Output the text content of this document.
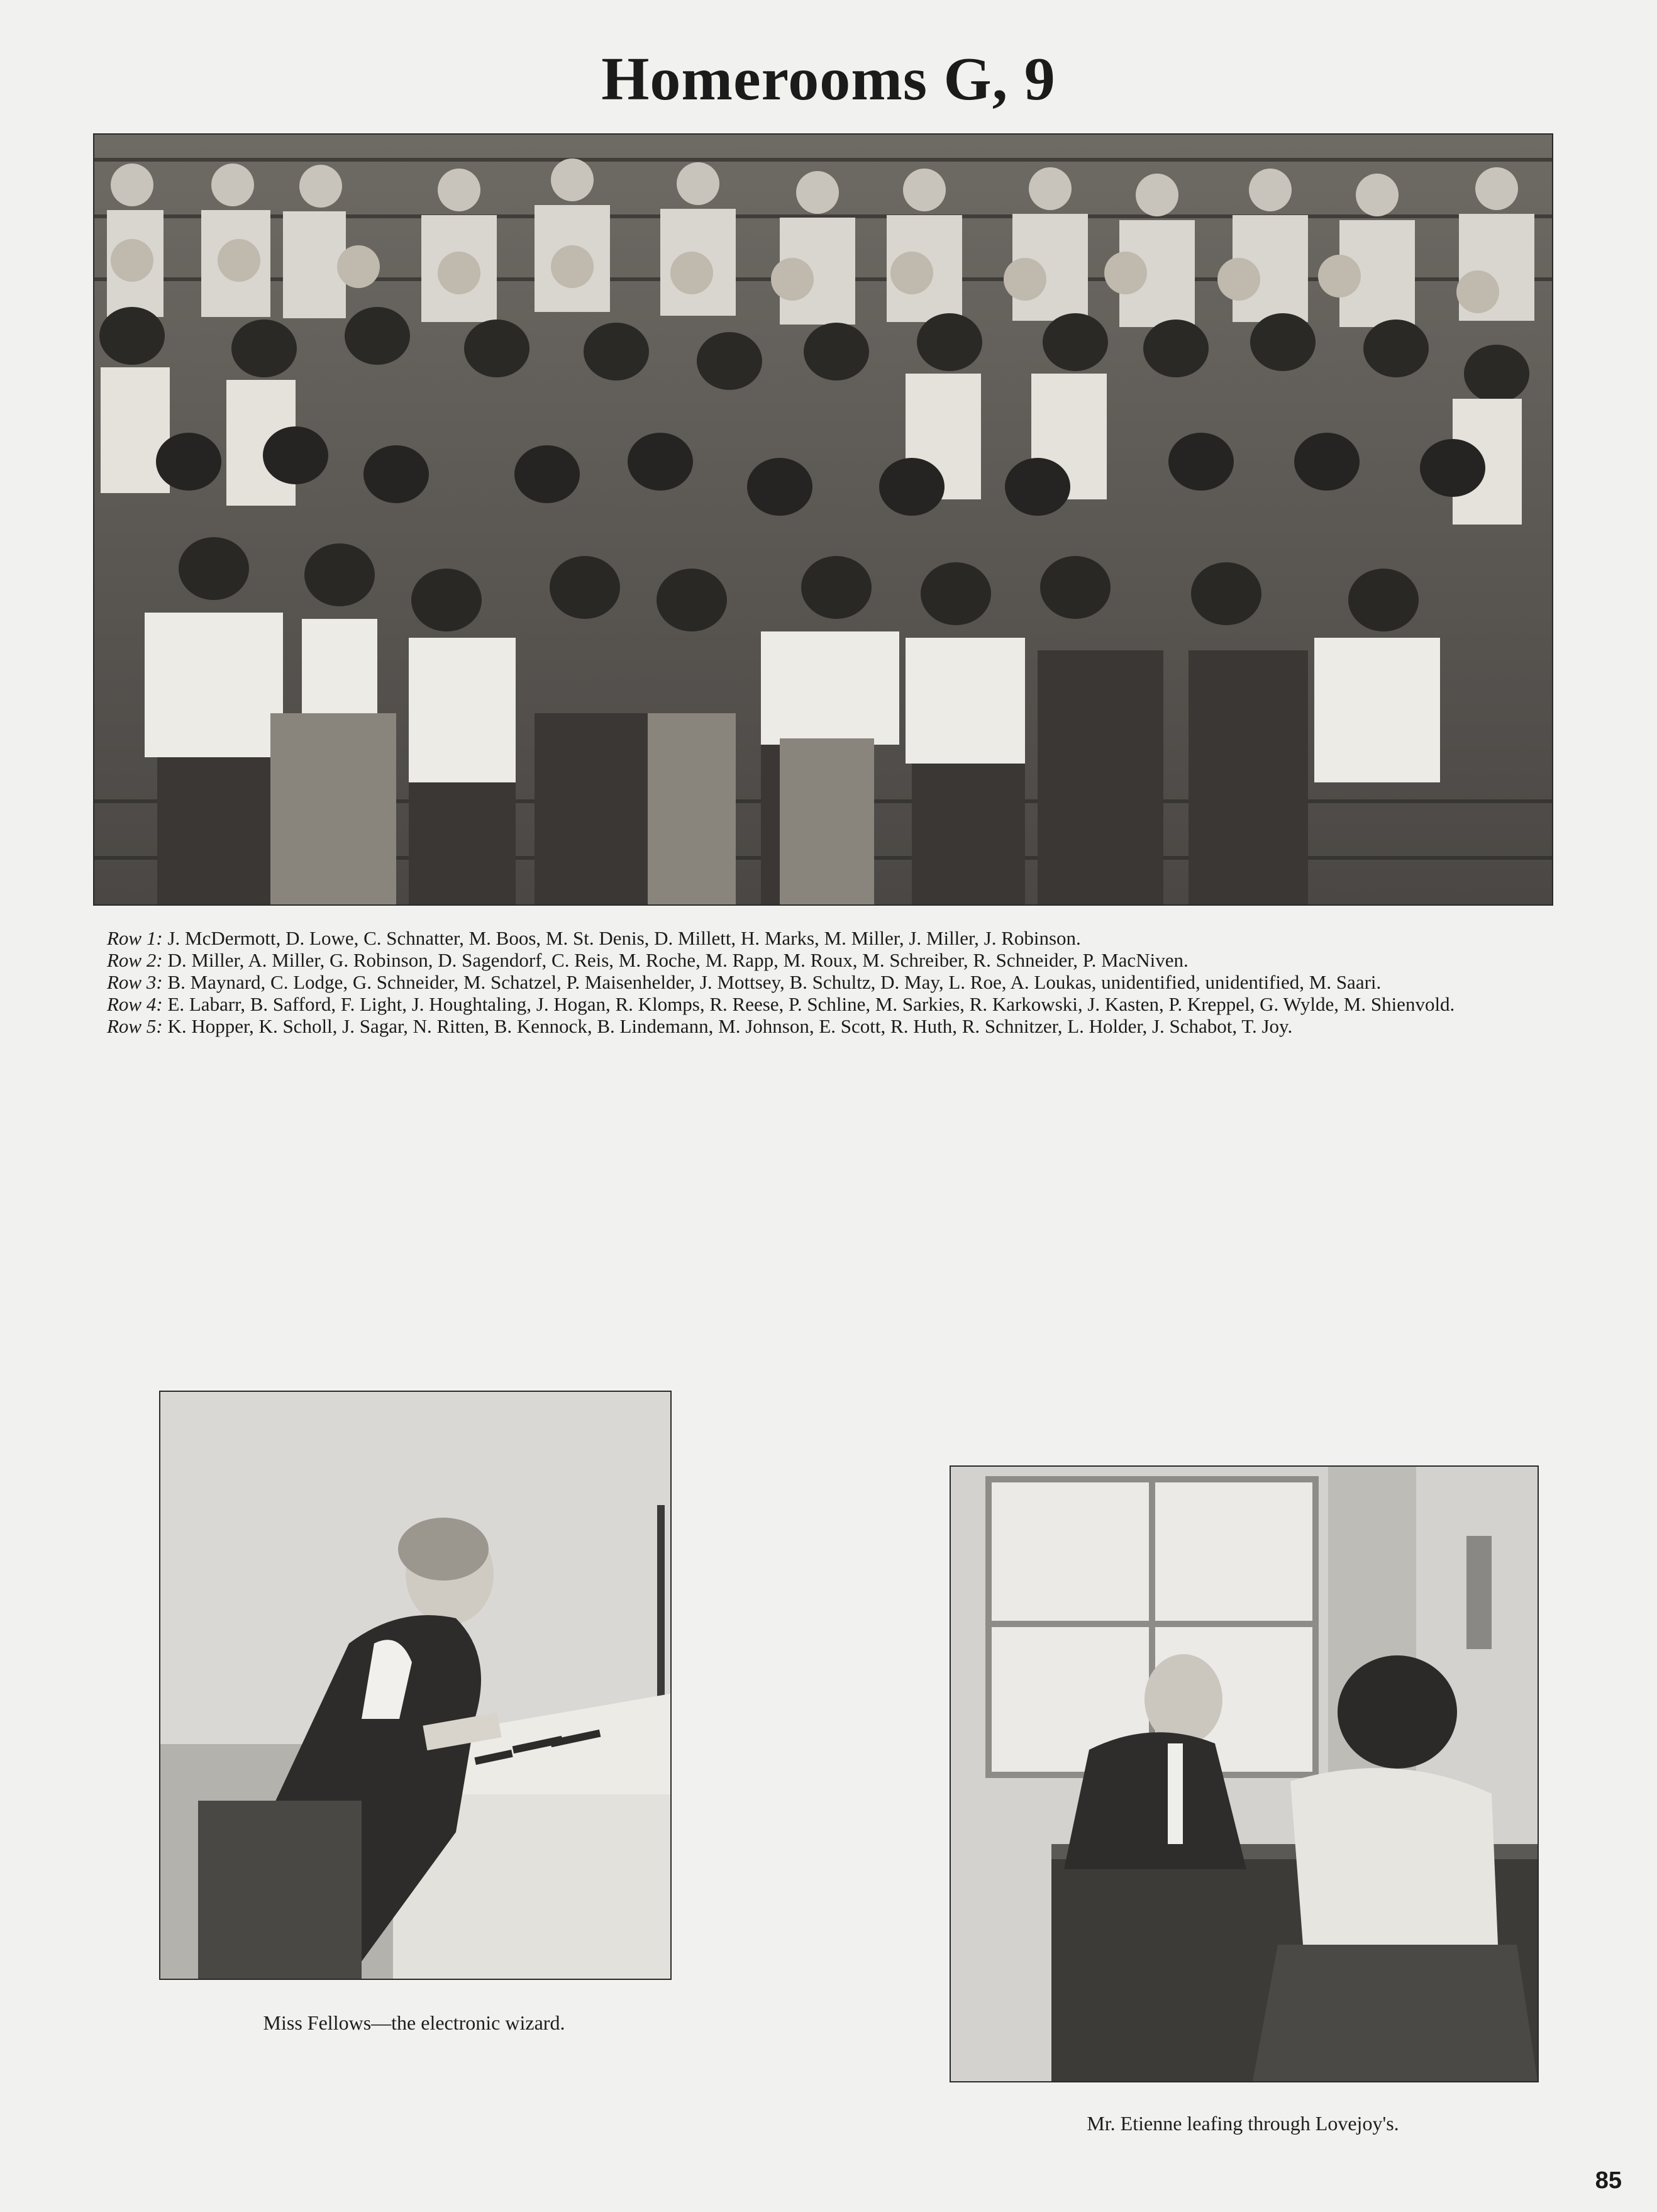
Homerooms G, 9

Row 1: J. McDermott, D. Lowe, C. Schnatter, M. Boos, M. St. Denis, D. Millett, H. Marks, M. Miller, J. Miller, J. Robinson.

Row 2: D. Miller, A. Miller, G. Robinson, D. Sagendorf, C. Reis, M. Roche, M. Rapp, M. Roux, M. Schreiber, R. Schneider, P. MacNiven.

Row 3: B. Maynard, C. Lodge, G. Schneider, M. Schatzel, P. Maisenhelder, J. Mottsey, B. Schultz, D. May, L. Roe, A. Loukas, unidentified, unidentified, M. Saari.

Row 4: E. Labarr, B. Safford, F. Light, J. Houghtaling, J. Hogan, R. Klomps, R. Reese, P. Schline, M. Sarkies, R. Karkowski, J. Kasten, P. Kreppel, G. Wylde, M. Shienvold.

Row 5: K. Hopper, K. Scholl, J. Sagar, N. Ritten, B. Kennock, B. Lindemann, M. Johnson, E. Scott, R. Huth, R. Schnitzer, L. Holder, J. Schabot, T. Joy.

Miss Fellows—the electronic wizard.
Mr. Etienne leafing through Lovejoy's.
85
